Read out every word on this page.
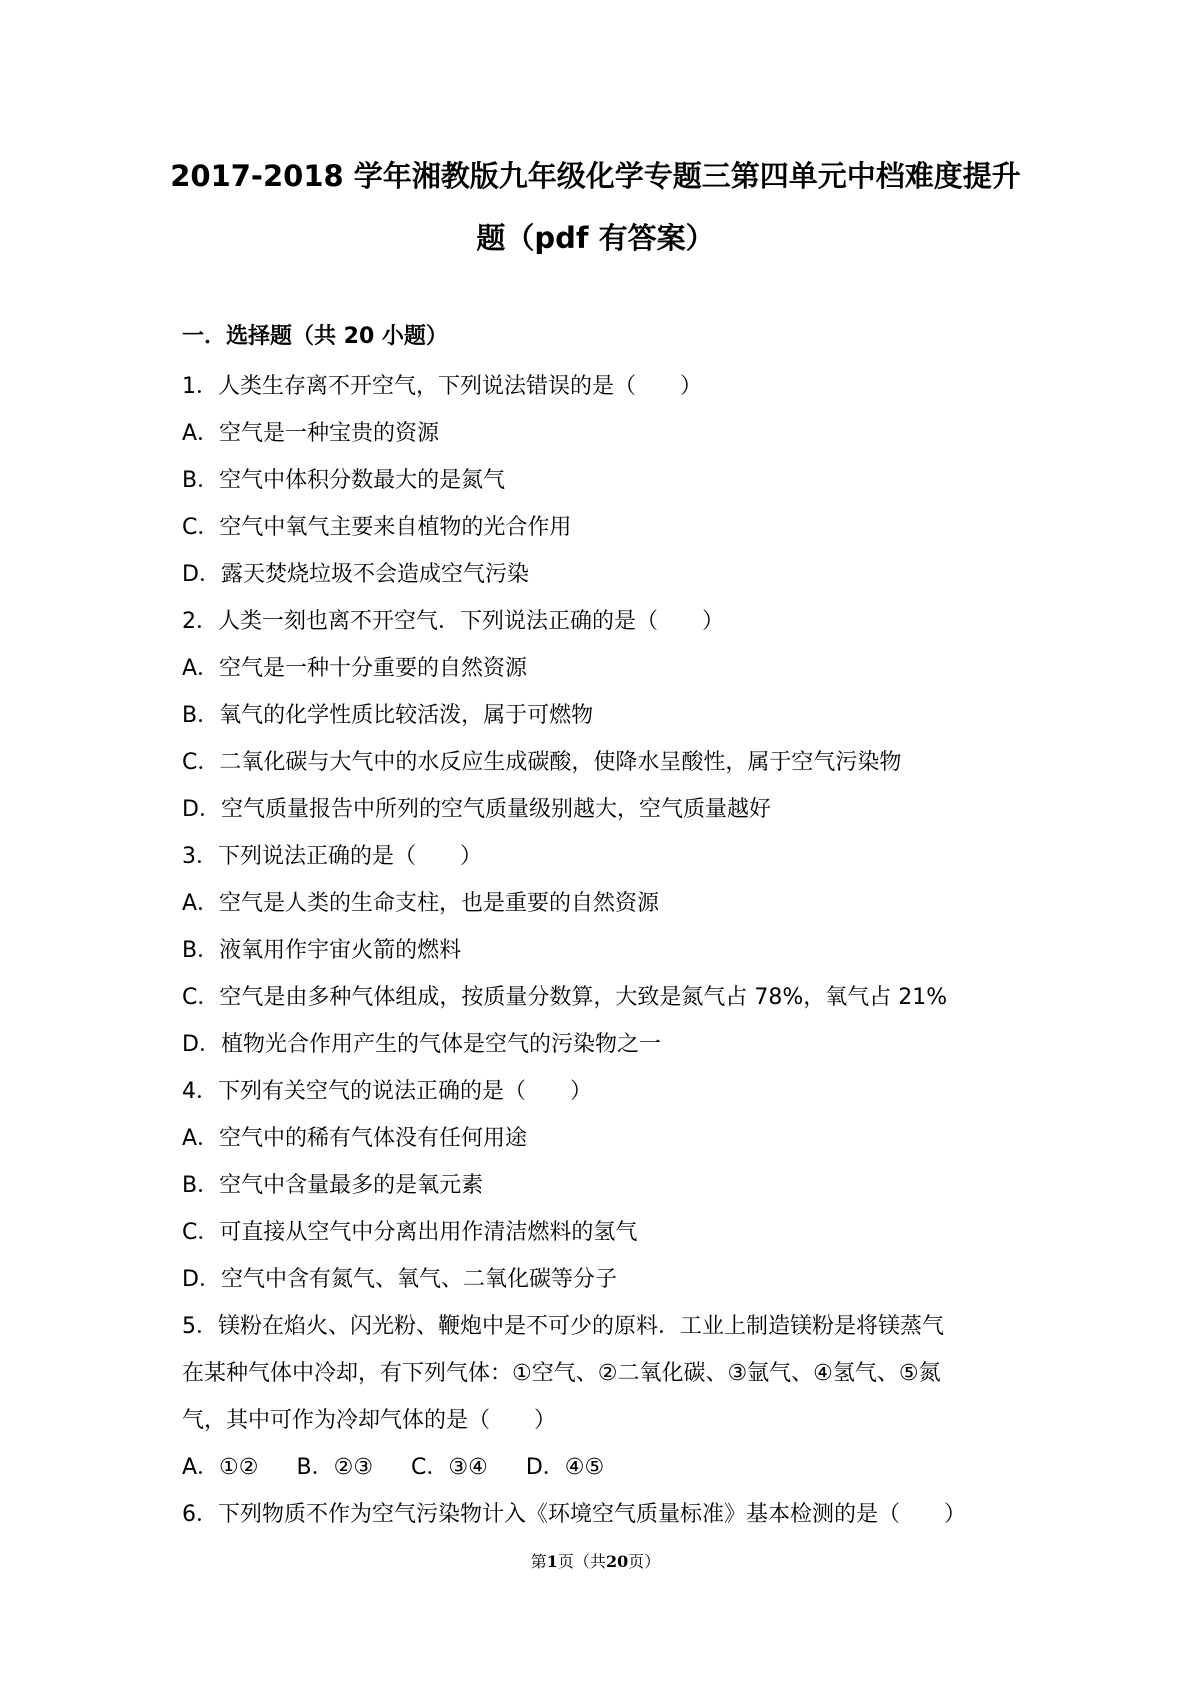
2017-2018 学年湘教版九年级化学专题三第四单元中档难度提升
题（pdf 有答案）
一．选择题（共 20 小题）
1．人类生存离不开空气，下列说法错误的是（　　）
A．空气是一种宝贵的资源
B．空气中体积分数最大的是氮气
C．空气中氧气主要来自植物的光合作用
D．露天焚烧垃圾不会造成空气污染
2．人类一刻也离不开空气．下列说法正确的是（　　）
A．空气是一种十分重要的自然资源
B．氧气的化学性质比较活泼，属于可燃物
C．二氧化碳与大气中的水反应生成碳酸，使降水呈酸性，属于空气污染物
D．空气质量报告中所列的空气质量级别越大，空气质量越好
3．下列说法正确的是（　　）
A．空气是人类的生命支柱，也是重要的自然资源
B．液氧用作宇宙火箭的燃料
C．空气是由多种气体组成，按质量分数算，大致是氮气占 78%，氧气占 21%
D．植物光合作用产生的气体是空气的污染物之一
4．下列有关空气的说法正确的是（　　）
A．空气中的稀有气体没有任何用途
B．空气中含量最多的是氧元素
C．可直接从空气中分离出用作清洁燃料的氢气
D．空气中含有氮气、氧气、二氧化碳等分子
5．镁粉在焰火、闪光粉、鞭炮中是不可少的原料．工业上制造镁粉是将镁蒸气
在某种气体中冷却，有下列气体：①空气、②二氧化碳、③氩气、④氢气、⑤氮
气，其中可作为冷却气体的是（　　）
A．①② B．②③ C．③④ D．④⑤
6．下列物质不作为空气污染物计入《环境空气质量标准》基本检测的是（　　）
第1页（共20页）
